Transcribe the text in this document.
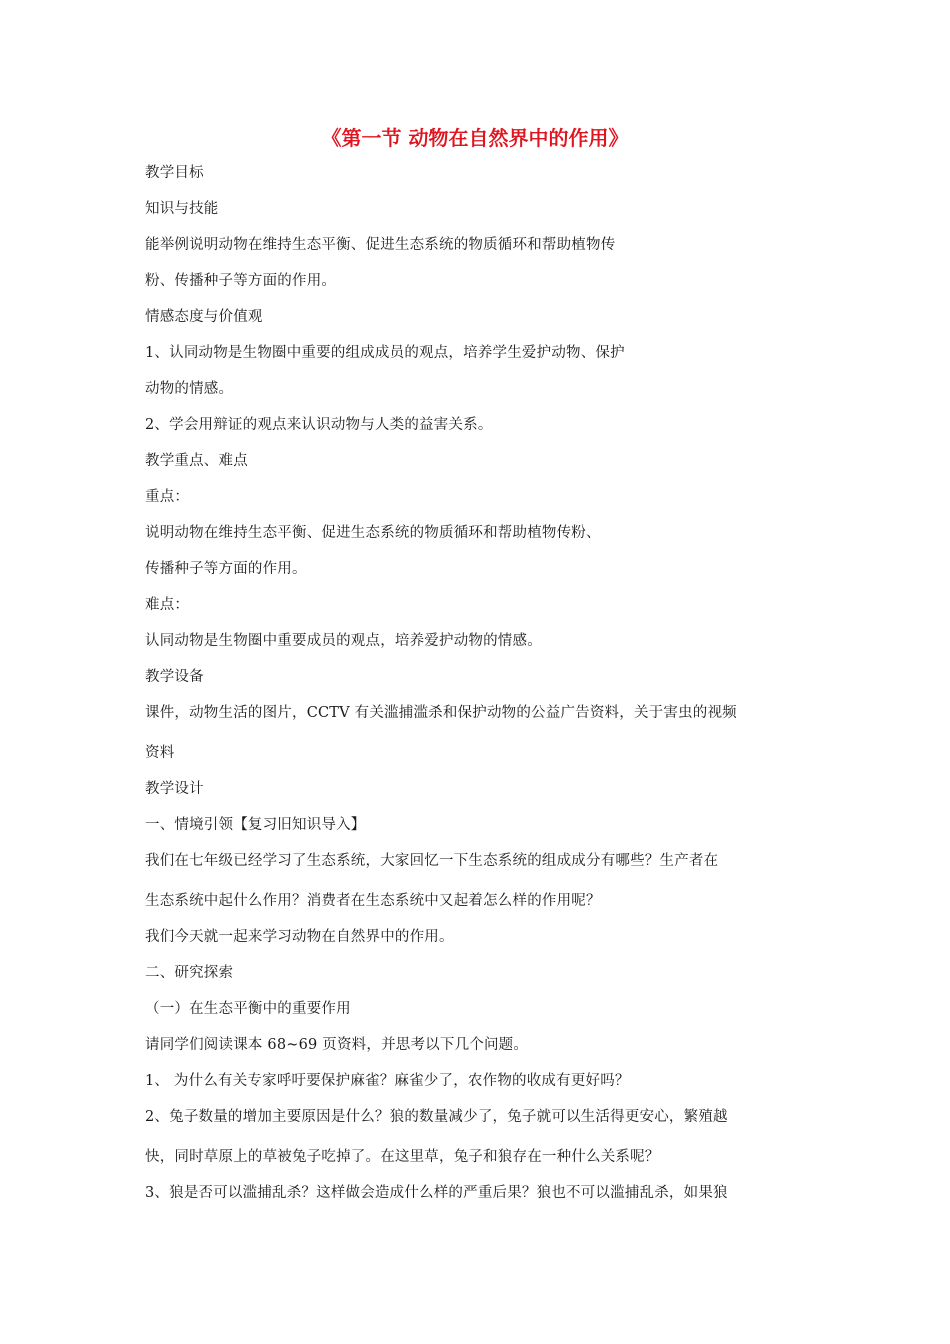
《第一节 动物在自然界中的作用》
教学目标
知识与技能
能举例说明动物在维持生态平衡、促进生态系统的物质循环和帮助植物传
粉、传播种子等方面的作用。
情感态度与价值观
1、认同动物是生物圈中重要的组成成员的观点，培养学生爱护动物、保护
动物的情感。
2、学会用辩证的观点来认识动物与人类的益害关系。
教学重点、难点
重点：
说明动物在维持生态平衡、促进生态系统的物质循环和帮助植物传粉、
传播种子等方面的作用。
难点：
认同动物是生物圈中重要成员的观点，培养爱护动物的情感。
教学设备
课件，动物生活的图片，CCTV 有关滥捕滥杀和保护动物的公益广告资料，关于害虫的视频
资料
教学设计
一、情境引领【复习旧知识导入】
我们在七年级已经学习了生态系统，大家回忆一下生态系统的组成成分有哪些？生产者在
生态系统中起什么作用？消费者在生态系统中又起着怎么样的作用呢？
我们今天就一起来学习动物在自然界中的作用。
二、研究探索
（一）在生态平衡中的重要作用
请同学们阅读课本 68~69 页资料，并思考以下几个问题。
1、 为什么有关专家呼吁要保护麻雀？麻雀少了，农作物的收成有更好吗？
2、兔子数量的增加主要原因是什么？狼的数量减少了，兔子就可以生活得更安心，繁殖越
快，同时草原上的草被兔子吃掉了。在这里草，兔子和狼存在一种什么关系呢？
3、狼是否可以滥捕乱杀？这样做会造成什么样的严重后果？狼也不可以滥捕乱杀，如果狼
